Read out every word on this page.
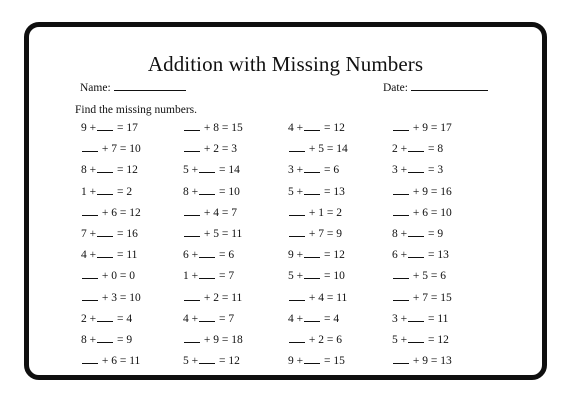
Addition with Missing Numbers
Name:	Date:
Find the missing numbers.
9 + = 17	+ 8 = 15	4 + = 12	+ 9 = 17
+ 7 = 10	+ 2 = 3	+ 5 = 14	2 + = 8
8 + = 12	5 + = 14	3 + = 6	3 + = 3
1 + = 2	8 + = 10	5 + = 13	+ 9 = 16
+ 6 = 12	+ 4 = 7	+ 1 = 2	+ 6 = 10
7 + = 16	+ 5 = 11	+ 7 = 9	8 + = 9
4 + = 11	6 + = 6	9 + = 12	6 + = 13
+ 0 = 0	1 + = 7	5 + = 10	+ 5 = 6
+ 3 = 10	+ 2 = 11	+ 4 = 11	+ 7 = 15
2 + = 4	4 + = 7	4 + = 4	3 + = 11
8 + = 9	+ 9 = 18	+ 2 = 6	5 + = 12
+ 6 = 11	5 + = 12	9 + = 15	+ 9 = 13
